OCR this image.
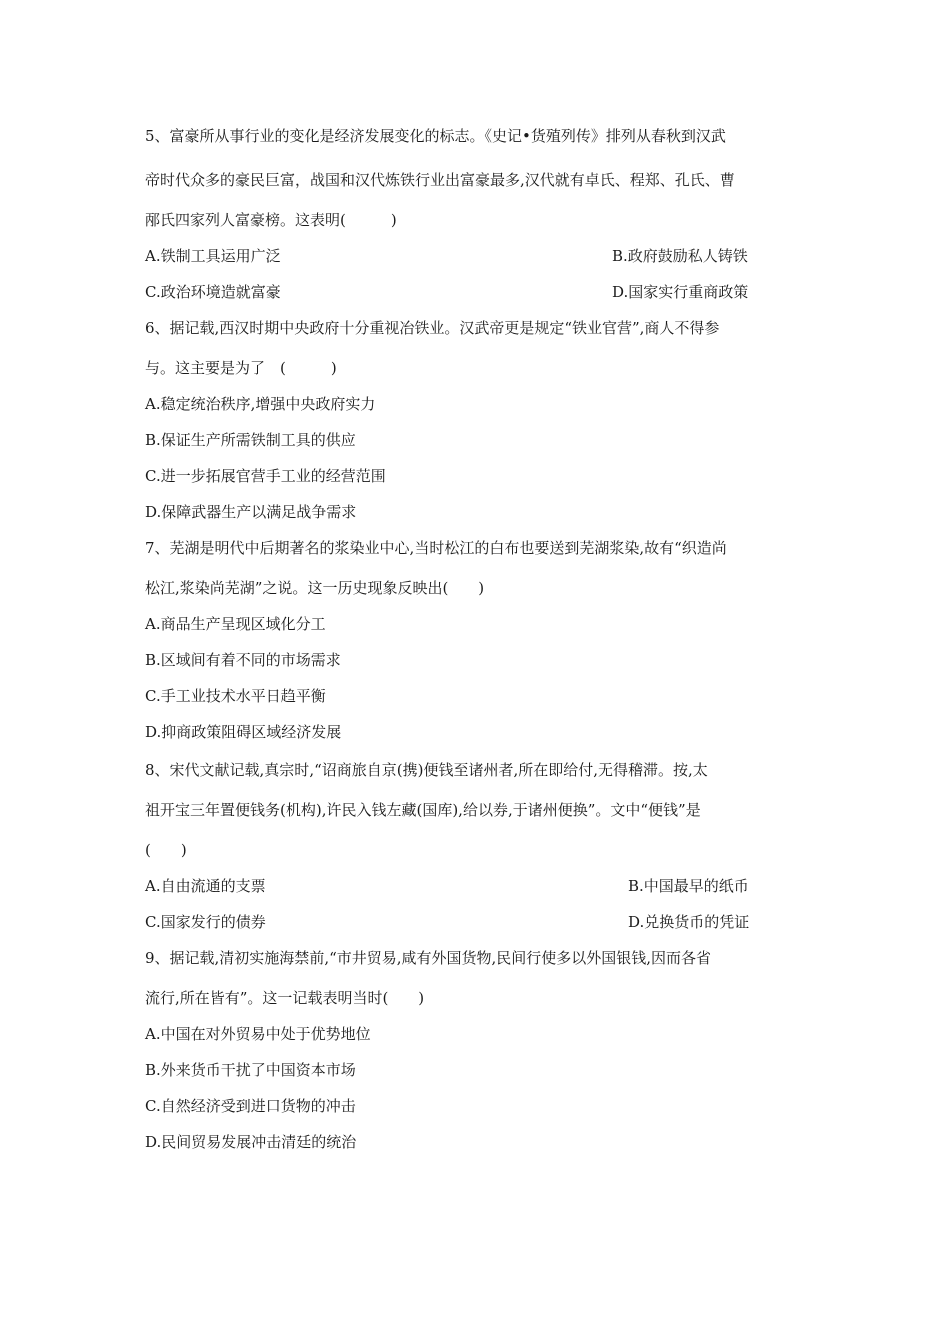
5、富豪所从事行业的变化是经济发展变化的标志。《史记•货殖列传》排列从春秋到汉武
帝时代众多的豪民巨富，战国和汉代炼铁行业出富豪最多,汉代就有卓氏、程郑、孔氏、曹
邴氏四家列人富豪榜。这表明(　　　)
A.铁制工具运用广泛	B.政府鼓励私人铸铁
C.政治环境造就富豪	D.国家实行重商政策
6、据记载,西汉时期中央政府十分重视冶铁业。汉武帝更是规定“铁业官营”,商人不得参
与。这主要是为了　(　　　)
A.稳定统治秩序,增强中央政府实力
B.保证生产所需铁制工具的供应
C.进一步拓展官营手工业的经营范围
D.保障武器生产以满足战争需求
7、芜湖是明代中后期著名的浆染业中心,当时松江的白布也要送到芜湖浆染,故有“织造尚
松江,浆染尚芜湖”之说。这一历史现象反映出(　　)
A.商品生产呈现区域化分工
B.区域间有着不同的市场需求
C.手工业技术水平日趋平衡
D.抑商政策阻碍区域经济发展
8、宋代文献记载,真宗时,“诏商旅自京(携)便钱至诸州者,所在即给付,无得稽滞。按,太
祖开宝三年置便钱务(机构),许民入钱左藏(国库),给以券,于诸州便换”。文中“便钱”是
(　　)
A.自由流通的支票	B.中国最早的纸币
C.国家发行的债券	D.兑换货币的凭证
9、据记载,清初实施海禁前,“市井贸易,咸有外国货物,民间行使多以外国银钱,因而各省
流行,所在皆有”。这一记载表明当时(　　)
A.中国在对外贸易中处于优势地位
B.外来货币干扰了中国资本市场
C.自然经济受到进口货物的冲击
D.民间贸易发展冲击清廷的统治
